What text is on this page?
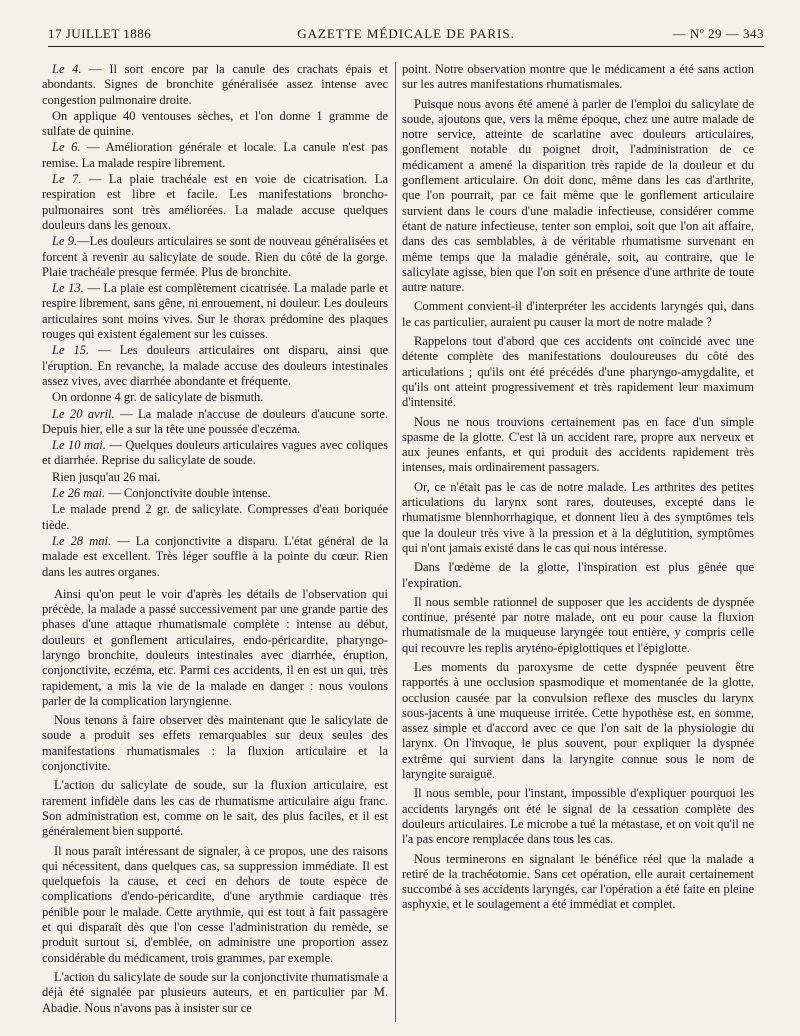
17 JUILLET 1886	GAZETTE MÉDICALE DE PARIS.	— Nº 29 — 343

Le 4. — Il sort encore par la canule des crachats épais et abondants. Signes de bronchite généralisée assez intense avec congestion pulmonaire droite.

On applique 40 ventouses sèches, et l'on donne 1 gramme de sulfate de quinine.

Le 6. — Amélioration générale et locale. La canule n'est pas remise. La malade respire librement.

Le 7. — La plaie trachéale est en voie de cicatrisation. La respiration est libre et facile. Les manifestations broncho-pulmonaires sont très améliorées. La malade accuse quelques douleurs dans les genoux.

Le 9.—Les douleurs articulaires se sont de nouveau généralisées et forcent à revenir au salicylate de soude. Rien du côté de la gorge. Plaie trachéale presque fermée. Plus de bronchite.

Le 13. — La plaie est complètement cicatrisée. La malade parle et respire librement, sans gêne, ni enrouement, ni douleur. Les douleurs articulaires sont moins vives. Sur le thorax prédomine des plaques rouges qui existent également sur les cuisses.

Le 15. — Les douleurs articulaires ont disparu, ainsi que l'éruption. En revanche, la malade accuse des douleurs intestinales assez vives, avec diarrhée abondante et fréquente.

On ordonne 4 gr. de salicylate de bismuth.

Le 20 avril. — La malade n'accuse de douleurs d'aucune sorte. Depuis hier, elle a sur la tête une poussée d'eczéma.

Le 10 mai. — Quelques douleurs articulaires vagues avec coliques et diarrhée. Reprise du salicylate de soude.

Rien jusqu'au 26 mai.

Le 26 mai. — Conjonctivite double intense.

Le malade prend 2 gr. de salicylate. Compresses d'eau boriquée tiède.

Le 28 mai. — La conjonctivite a disparu. L'état général de la malade est excellent. Très léger souffle à la pointe du cœur. Rien dans les autres organes.

Ainsi qu'on peut le voir d'après les détails de l'observation qui précède, la malade a passé successivement par une grande partie des phases d'une attaque rhumatismale complète : intense au début, douleurs et gonflement articulaires, endo-péricardite, pharyngo-laryngo bronchite, douleurs intestinales avec diarrhée, éruption, conjonctivite, eczéma, etc. Parmi ces accidents, il en est un qui, très rapidement, a mis la vie de la malade en danger : nous voulons parler de la complication laryngienne.

Nous tenons à faire observer dès maintenant que le salicylate de soude a produit ses effets remarquables sur deux seules des manifestations rhumatismales : la fluxion articulaire et la conjonctivite.

L'action du salicylate de soude, sur la fluxion articulaire, est rarement infidèle dans les cas de rhumatisme articulaire aigu franc. Son administration est, comme on le sait, des plus faciles, et il est généralement bien supporté.

Il nous paraît intéressant de signaler, à ce propos, une des raisons qui nécessitent, dans quelques cas, sa suppression immédiate. Il est quelquefois la cause, et ceci en dehors de toute espèce de complications d'endo-péricardite, d'une arythmie cardiaque très pénible pour le malade. Cette arythmie, qui est tout à fait passagère et qui disparaît dès que l'on cesse l'administration du remède, se produit surtout si, d'emblée, on administre une proportion assez considérable du médicament, trois grammes, par exemple.

L'action du salicylate de soude sur la conjonctivite rhumatismale a déjà été signalée par plusieurs auteurs, et en particulier par M. Abadie. Nous n'avons pas à insister sur ce

point. Notre observation montre que le médicament a été sans action sur les autres manifestations rhumatismales.

Puisque nous avons été amené à parler de l'emploi du salicylate de soude, ajoutons que, vers la même époque, chez une autre malade de notre service, atteinte de scarlatine avec douleurs articulaires, gonflement notable du poignet droit, l'administration de ce médicament a amené la disparition très rapide de la douleur et du gonflement articulaire. On doit donc, même dans les cas d'arthrite, que l'on pourrait, par ce fait même que le gonflement articulaire survient dans le cours d'une maladie infectieuse, considérer comme étant de nature infectieuse, tenter son emploi, soit que l'on ait affaire, dans des cas semblables, à de véritable rhumatisme survenant en même temps que la maladie générale, soit, au contraire, que le salicylate agisse, bien que l'on soit en présence d'une arthrite de toute autre nature.

Comment convient-il d'interpréter les accidents laryngés qui, dans le cas particulier, auraient pu causer la mort de notre malade ?

Rappelons tout d'abord que ces accidents ont coïncidé avec une détente complète des manifestations douloureuses du côté des articulations ; qu'ils ont été précédés d'une pharyngo-amygdalite, et qu'ils ont atteint progressivement et très rapidement leur maximum d'intensité.

Nous ne nous trouvions certainement pas en face d'un simple spasme de la glotte. C'est là un accident rare, propre aux nerveux et aux jeunes enfants, et qui produit des accidents rapidement très intenses, mais ordinairement passagers.

Or, ce n'était pas le cas de notre malade. Les arthrites des petites articulations du larynx sont rares, douteuses, excepté dans le rhumatisme blennhorrhagique, et donnent lieu à des symptômes tels que la douleur très vive à la pression et à la déglutition, symptômes qui n'ont jamais existé dans le cas qui nous intéresse.

Dans l'œdème de la glotte, l'inspiration est plus gênée que l'expiration.

Il nous semble rationnel de supposer que les accidents de dyspnée continue, présenté par notre malade, ont eu pour cause la fluxion rhumatismale de la muqueuse laryngée tout entière, y compris celle qui recouvre les replis aryténo-épiglottiques et l'épiglotte.

Les moments du paroxysme de cette dyspnée peuvent être rapportés à une occlusion spasmodique et momentanée de la glotte, occlusion causée par la convulsion reflexe des muscles du larynx sous-jacents à une muqueuse irritée. Cette hypothèse est, en somme, assez simple et d'accord avec ce que l'on sait de la physiologie du larynx. On l'invoque, le plus souvent, pour expliquer la dyspnée extrême qui survient dans la laryngite connue sous le nom de laryngite suraiguë.

Il nous semble, pour l'instant, impossible d'expliquer pourquoi les accidents laryngés ont été le signal de la cessation complète des douleurs articulaires. Le microbe a tué la métastase, et on voit qu'il ne l'a pas encore remplacée dans tous les cas.

Nous terminerons en signalant le bénéfice réel que la malade a retiré de la trachéotomie. Sans cet opération, elle aurait certainement succombé à ses accidents laryngés, car l'opération a été faite en pleine asphyxie, et le soulagement a été immédiat et complet.
